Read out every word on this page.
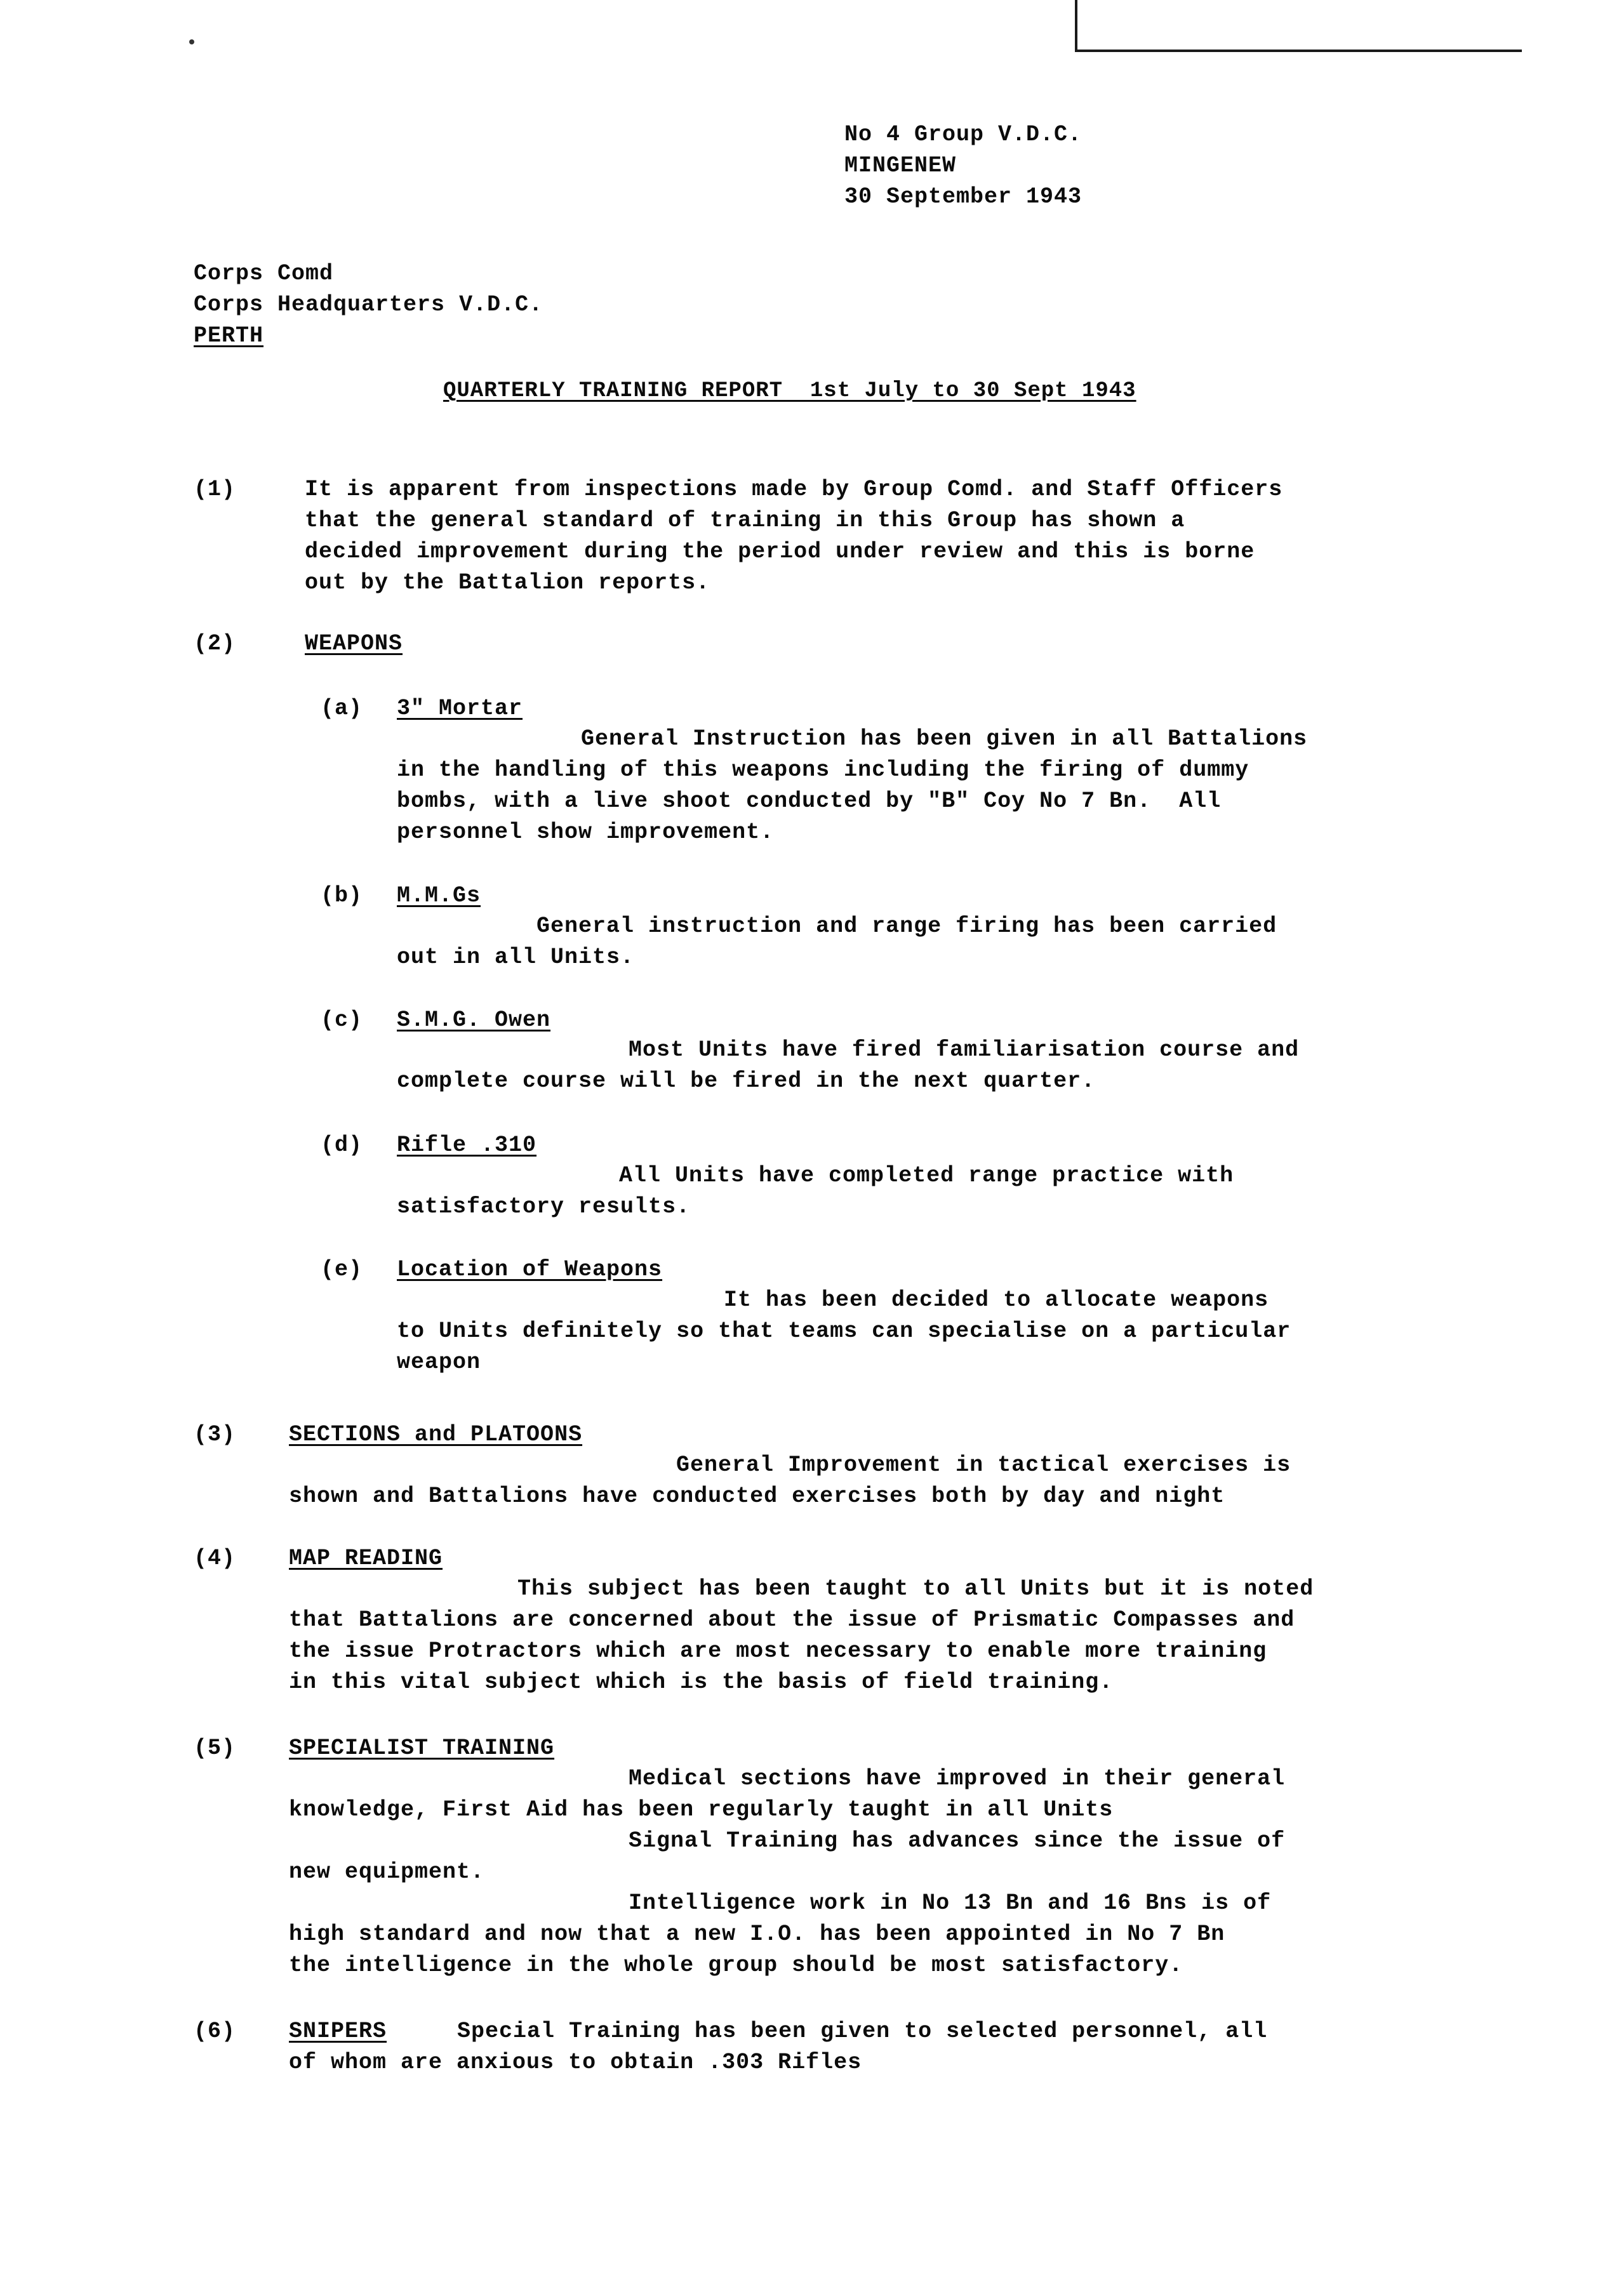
No 4 Group V.D.C.

MINGENEW

30 September 1943

Corps Comd

Corps Headquarters V.D.C.

PERTH

QUARTERLY TRAINING REPORT  1st July to 30 Sept 1943

(1)	It is apparent from inspections made by Group Comd. and Staff Officers

that the general standard of training in this Group has shown a

decided improvement during the period under review and this is borne

out by the Battalion reports.

(2)	WEAPONS

(a) 3" Mortar

General Instruction has been given in all Battalions

in the handling of this weapons including the firing of dummy

bombs, with a live shoot conducted by "B" Coy No 7 Bn.  All

personnel show improvement.

(b) M.M.Gs

General instruction and range firing has been carried

out in all Units.

(c) S.M.G. Owen

Most Units have fired familiarisation course and

complete course will be fired in the next quarter.

(d) Rifle .310

All Units have completed range practice with

satisfactory results.

(e) Location of Weapons

It has been decided to allocate weapons

to Units definitely so that teams can specialise on a particular

weapon

(3) SECTIONS and PLATOONS

General Improvement in tactical exercises is

shown and Battalions have conducted exercises both by day and night

(4) MAP READING

This subject has been taught to all Units but it is noted

that Battalions are concerned about the issue of Prismatic Compasses and

the issue Protractors which are most necessary to enable more training

in this vital subject which is the basis of field training.

(5) SPECIALIST TRAINING

Medical sections have improved in their general

knowledge, First Aid has been regularly taught in all Units

Signal Training has advances since the issue of

new equipment.

Intelligence work in No 13 Bn and 16 Bns is of

high standard and now that a new I.O. has been appointed in No 7 Bn

the intelligence in the whole group should be most satisfactory.

(6) SNIPERS	Special Training has been given to selected personnel, all

of whom are anxious to obtain .303 Rifles
